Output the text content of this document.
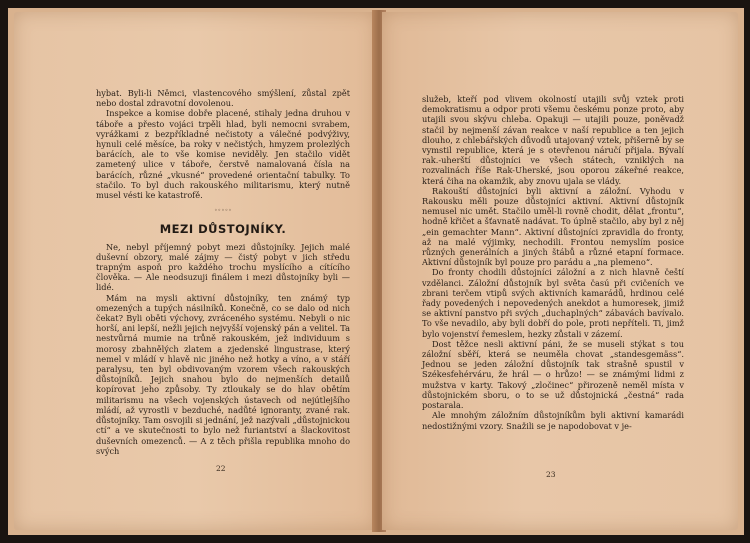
hybat. Byli-li Němci, vlastencového smýšlení, zůstal zpět nebo dostal zdravotní dovolenou.

Inspekce a komise dobře placené, stihaly jedna druhou v táboře a přesto vojáci trpěli hlad, byli nemocni svrabem, vyrážkami z bezpříkladné nečistoty a válečné podvýživy, hynuli celé měsíce, ba roky v nečistých, hmyzem prolezlých barácích, ale to vše komise neviděly. Jen stačilo vidět zametený ulice v táboře, čerstvě namalovaná čísla na barácích, různé „vkusné“ provedené orientační tabulky. To stačilo. To byl duch rakouského militarismu, který nutně musel vésti ke katastrofě.

◦◦◦◦◦
MEZI DŮSTOJNÍKY.

Ne, nebyl příjemný pobyt mezi důstojníky. Jejich malé duševní obzory, malé zájmy — čistý pobyt v jich středu trapným aspoň pro každého trochu myslícího a cítícího člověka. — Ale neodsuzuji finálem i mezi důstojníky byli — lidé.

Mám na mysli aktivní důstojníky, ten známý typ omezených a tupých násilníků. Konečně, co se dalo od nich čekat? Byli oběti výchovy, zvráceného systému. Nebyli o nic horší, ani lepší, nežli jejich nejvyšší vojenský pán a velitel. Ta nestvůrná mumie na trůně rakouském, jež individuum s morosy zbahnělých zlatem a zjedenské lingustrase, který nemel v mládí v hlavě nic jiného než hotky a víno, a v stáří paralysu, ten byl obdivovaným vzorem všech rakouských důstojníků. Jejich snahou bylo do nejmenších detailů kopírovat jeho způsoby. Ty ztloukaly se do hlav obětím militarismu na všech vojenských ústavech od nejútlejšího mládí, až vyrostli v bezduché, nadůté ignoranty, zvané rak. důstojníky. Tam osvojili si jednání, jež nazývali „důstojnickou ctí“ a ve skutečnosti to bylo než furiantství a šlackovitost duševních omezenců. — A z těch přišla republika mnoho do svých

22

služeb, kteří pod vlivem okolností utajili svůj vztek proti demokratismu a odpor proti všemu českému ponze proto, aby utajili svou skývu chleba. Opakuji — utajili pouze, poněvadž stačil by nejmenší závan reakce v naší republice a ten jejich dlouho, z chlebářských důvodů utajovaný vztek, přišerně by se vymstil republice, která je s otevřenou náručí přijala. Bývalí rak.-uherští důstojníci ve všech státech, vzniklých na rozvalinách říše Rak-Uherské, jsou oporou zákeřné reakce, která čiha na okamžik, aby znovu ujala se vlády.

Rakouští důstojníci byli aktivní a záložní. Vyhodu v Rakousku měli pouze důstojníci aktivní. Aktivní důstojník nemusel nic umět. Stačilo uměl-li rovně chodit, dělat „frontu“, hodně křičet a šťavnatě nadávat. To úplně stačilo, aby byl z něj „ein gemachter Mann“. Aktivní důstojníci zpravidla do fronty, až na malé výjimky, nechodili. Frontou nemyslím posice různých generálních a jiných štábů a různé etapní formace. Aktivní důstojník byl pouze pro parádu a „na plemeno“.

Do fronty chodili důstojníci záložní a z nich hlavně čeští vzdělanci. Záložní důstojník byl světa časú při cvičeních ve zbrani terčem vtipů svých aktivních kamarádů, hrdinou celé řady povedených i nepovedených anekdot a humoresek, jimiž se aktivní panstvo při svých „duchaplných“ zábavách bavívalo. To vše nevadilo, aby byli dobří do pole, proti nepříteli. Ti, jimž bylo vojenství řemeslem, hezky zůstali v zázemí.

Dost těžce nesli aktivní páni, že se museli stýkat s tou záložní sběří, která se neuměla chovat „standesgemäss“. Jednou se jeden záložní důstojník tak strašně spustil v Székesfehérváru, že hrál — o hrůzo! — se známými lidmi z mužstva v karty. Takový „zločinec“ přirozeně neměl místa v důstojnickém sboru, o to se už důstojnická „čestná“ rada postarala.

Ale mnohým záložním důstojníkům byli aktivní kamarádi nedostižnými vzory. Snažili se je napodobovat v je-

23
